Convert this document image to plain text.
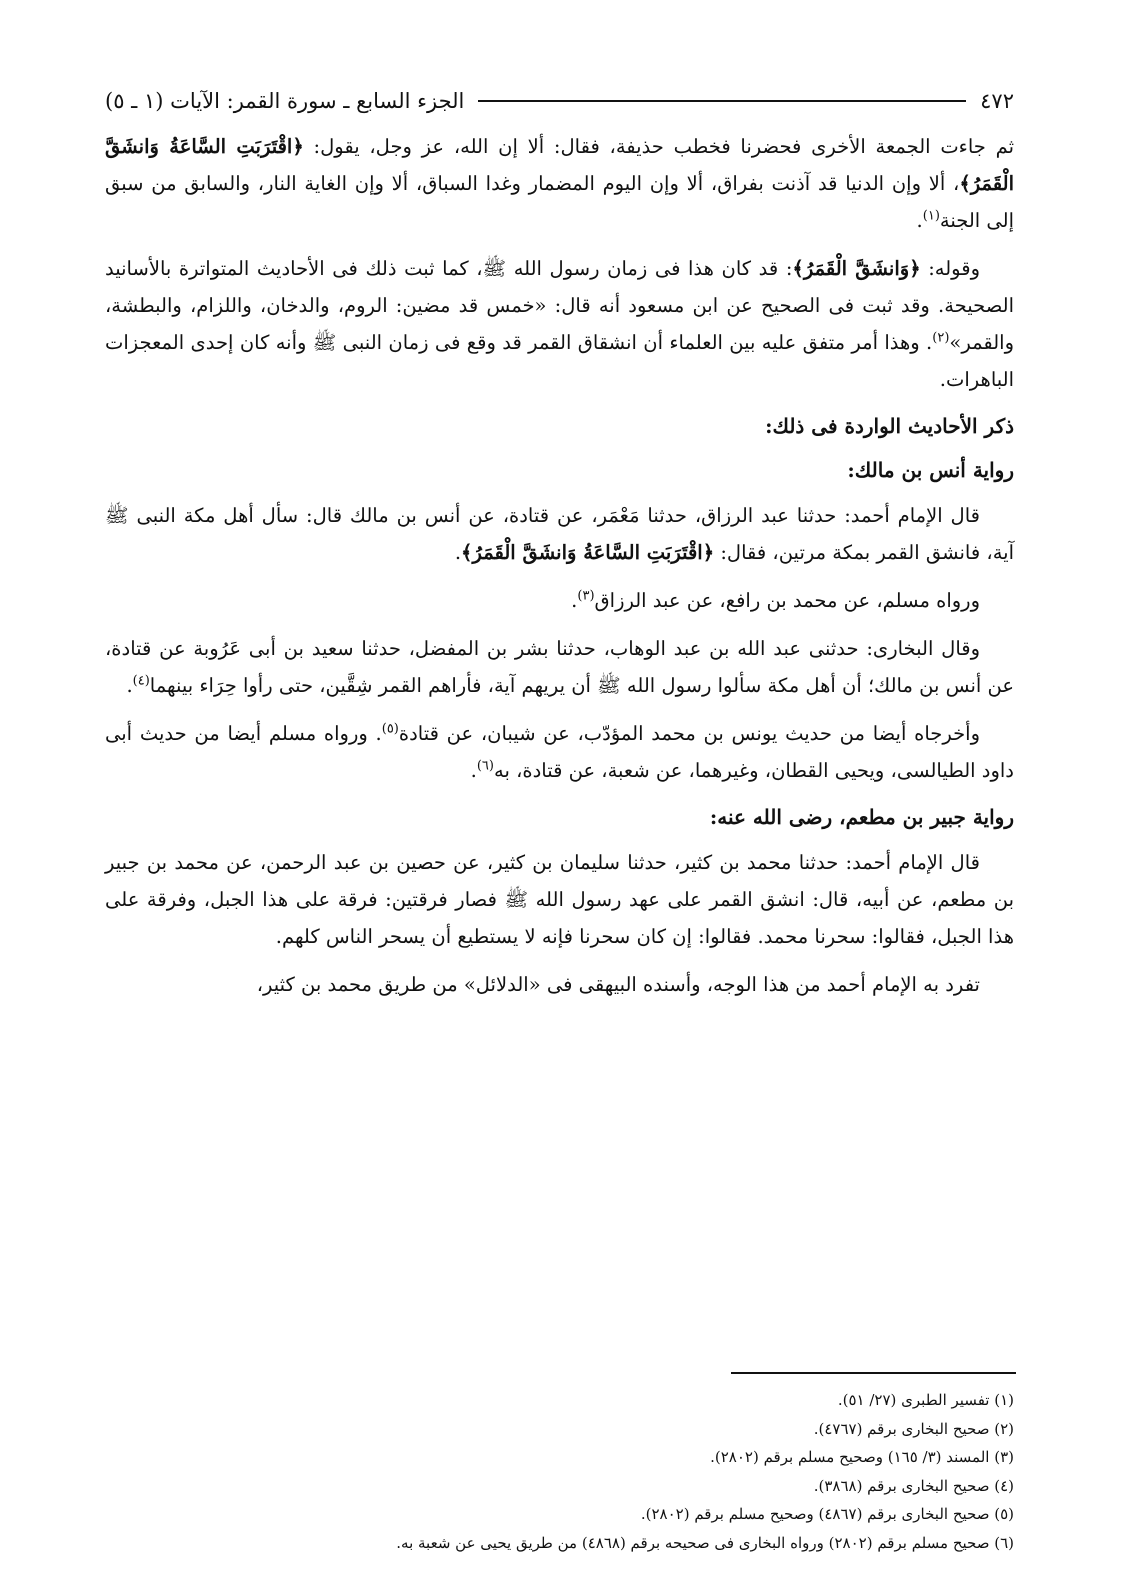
٤٧٢
الجزء السابع ـ سورة القمر: الآيات (١ ـ ٥)

ثم جاءت الجمعة الأخرى فحضرنا فخطب حذيفة، فقال: ألا إن الله، عز وجل، يقول: ﴿اقْتَرَبَتِ السَّاعَةُ وَانشَقَّ الْقَمَرُ﴾، ألا وإن الدنيا قد آذنت بفراق، ألا وإن اليوم المضمار وغدا السباق، ألا وإن الغاية النار، والسابق من سبق إلى الجنة$^{(١)}$.

وقوله: ﴿وَانشَقَّ الْقَمَرُ﴾: قد كان هذا فى زمان رسول الله ﷺ، كما ثبت ذلك فى الأحاديث المتواترة بالأسانيد الصحيحة. وقد ثبت فى الصحيح عن ابن مسعود أنه قال: «خمس قد مضين: الروم، والدخان، واللزام، والبطشة، والقمر»$^{(٢)}$. وهذا أمر متفق عليه بين العلماء أن انشقاق القمر قد وقع فى زمان النبى ﷺ وأنه كان إحدى المعجزات الباهرات.

ذكر الأحاديث الواردة فى ذلك:
رواية أنس بن مالك:

قال الإمام أحمد: حدثنا عبد الرزاق، حدثنا مَعْمَر، عن قتادة، عن أنس بن مالك قال: سأل أهل مكة النبى ﷺ آية، فانشق القمر بمكة مرتين، فقال: ﴿اقْتَرَبَتِ السَّاعَةُ وَانشَقَّ الْقَمَرُ﴾.

ورواه مسلم، عن محمد بن رافع، عن عبد الرزاق$^{(٣)}$.

وقال البخارى: حدثنى عبد الله بن عبد الوهاب، حدثنا بشر بن المفضل، حدثنا سعيد بن أبى عَرُوبة عن قتادة، عن أنس بن مالك؛ أن أهل مكة سألوا رسول الله ﷺ أن يريهم آية، فأراهم القمر شِقَّين، حتى رأوا حِرَاء بينهما$^{(٤)}$.

وأخرجاه أيضا من حديث يونس بن محمد المؤدّب، عن شيبان، عن قتادة$^{(٥)}$. ورواه مسلم أيضا من حديث أبى داود الطيالسى، ويحيى القطان، وغيرهما، عن شعبة، عن قتادة، به$^{(٦)}$.

رواية جبير بن مطعم، رضى الله عنه:

قال الإمام أحمد: حدثنا محمد بن كثير، حدثنا سليمان بن كثير، عن حصين بن عبد الرحمن، عن محمد بن جبير بن مطعم، عن أبيه، قال: انشق القمر على عهد رسول الله ﷺ فصار فرقتين: فرقة على هذا الجبل، وفرقة على هذا الجبل، فقالوا: سحرنا محمد. فقالوا: إن كان سحرنا فإنه لا يستطيع أن يسحر الناس كلهم.

تفرد به الإمام أحمد من هذا الوجه، وأسنده البيهقى فى «الدلائل» من طريق محمد بن كثير،

(١) تفسير الطبرى (٢٧/ ٥١).
(٢) صحيح البخارى برقم (٤٧٦٧).
(٣) المسند (٣/ ١٦٥) وصحيح مسلم برقم (٢٨٠٢).
(٤) صحيح البخارى برقم (٣٨٦٨).
(٥) صحيح البخارى برقم (٤٨٦٧) وصحيح مسلم برقم (٢٨٠٢).
(٦) صحيح مسلم برقم (٢٨٠٢) ورواه البخارى فى صحيحه برقم (٤٨٦٨) من طريق يحيى عن شعبة به.
